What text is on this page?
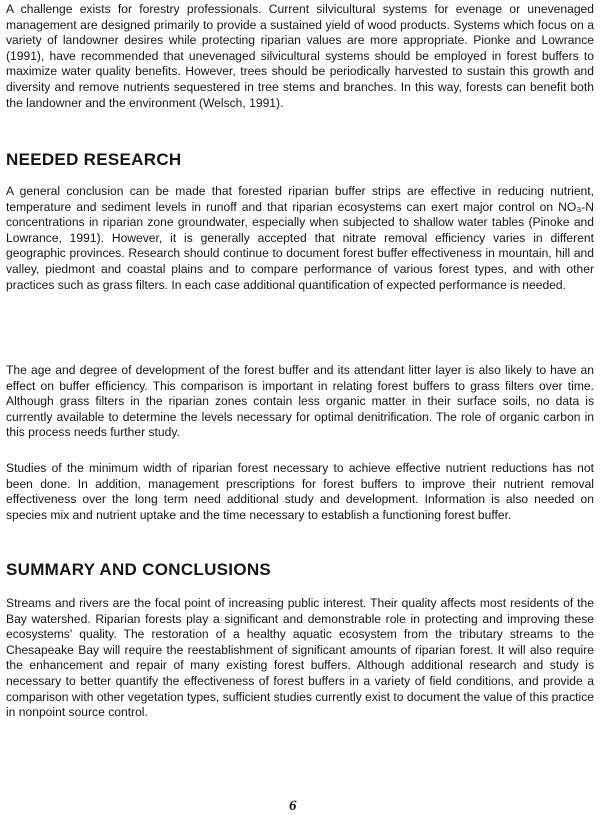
A challenge exists for forestry professionals. Current silvicultural systems for evenage or unevenaged management are designed primarily to provide a sustained yield of wood products. Systems which focus on a variety of landowner desires while protecting riparian values are more appropriate. Pionke and Lowrance (1991), have recommended that unevenaged silvicultural systems should be employed in forest buffers to maximize water quality benefits. However, trees should be periodically harvested to sustain this growth and diversity and remove nutrients sequestered in tree stems and branches. In this way, forests can benefit both the landowner and the environment (Welsch, 1991).

NEEDED RESEARCH

A general conclusion can be made that forested riparian buffer strips are effective in reducing nutrient, temperature and sediment levels in runoff and that riparian ecosystems can exert major control on NO₃-N concentrations in riparian zone groundwater, especially when subjected to shallow water tables (Pinoke and Lowrance, 1991). However, it is generally accepted that nitrate removal efficiency varies in different geographic provinces. Research should continue to document forest buffer effectiveness in mountain, hill and valley, piedmont and coastal plains and to compare performance of various forest types, and with other practices such as grass filters. In each case additional quantification of expected performance is needed.

The age and degree of development of the forest buffer and its attendant litter layer is also likely to have an effect on buffer efficiency. This comparison is important in relating forest buffers to grass filters over time. Although grass filters in the riparian zones contain less organic matter in their surface soils, no data is currently available to determine the levels necessary for optimal denitrification. The role of organic carbon in this process needs further study.

Studies of the minimum width of riparian forest necessary to achieve effective nutrient reductions has not been done. In addition, management prescriptions for forest buffers to improve their nutrient removal effectiveness over the long term need additional study and development. Information is also needed on species mix and nutrient uptake and the time necessary to establish a functioning forest buffer.

SUMMARY AND CONCLUSIONS

Streams and rivers are the focal point of increasing public interest. Their quality affects most residents of the Bay watershed. Riparian forests play a significant and demonstrable role in protecting and improving these ecosystems' quality. The restoration of a healthy aquatic ecosystem from the tributary streams to the Chesapeake Bay will require the reestablishment of significant amounts of riparian forest. It will also require the enhancement and repair of many existing forest buffers. Although additional research and study is necessary to better quantify the effectiveness of forest buffers in a variety of field conditions, and provide a comparison with other vegetation types, sufficient studies currently exist to document the value of this practice in nonpoint source control.

6
